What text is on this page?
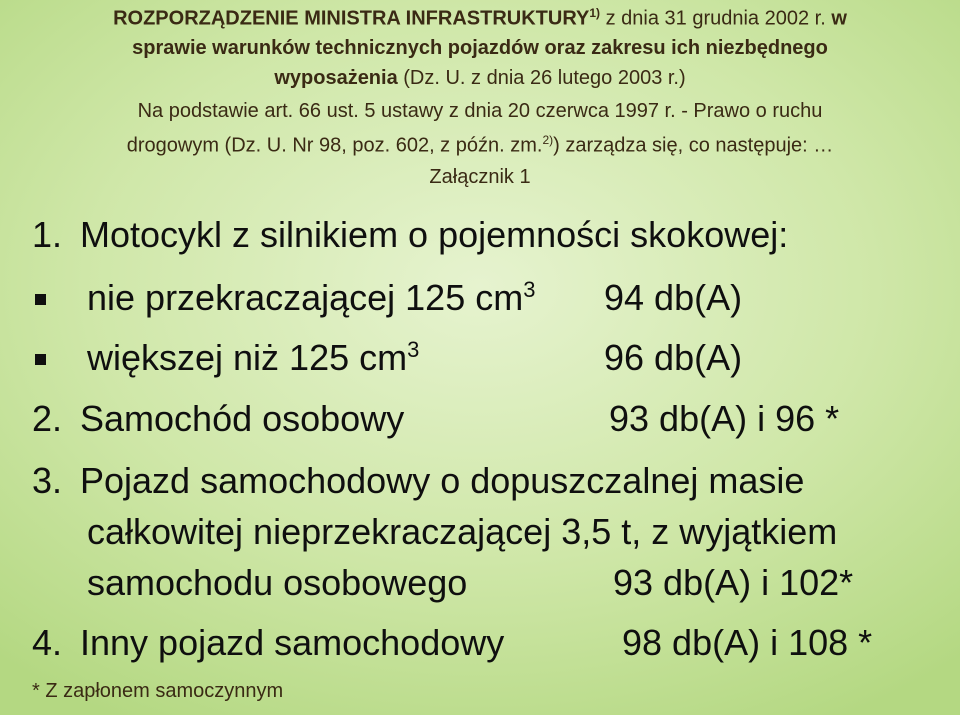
ROZPORZĄDZENIE MINISTRA INFRASTRUKTURY$^{1)}$ z dnia 31 grudnia 2002 r. w
sprawie warunków technicznych pojazdów oraz zakresu ich niezbędnego
wyposażenia (Dz. U. z dnia 26 lutego 2003 r.)
Na podstawie art. 66 ust. 5 ustawy z dnia 20 czerwca 1997 r. - Prawo o ruchu
drogowym (Dz. U. Nr 98, poz. 602, z późn. zm.$^{2)}$) zarządza się, co następuje: …
Załącznik 1
1. Motocykl z silnikiem o pojemności skokowej:
nie przekraczającej 125 $cm^3$ 94 db(A)
większej niż 125 $cm^3$	96 db(A)
2. Samochód osobowy	93 db(A) i 96 *
3. Pojazd samochodowy o dopuszczalnej masie
całkowitej nieprzekraczającej 3,5 t, z wyjątkiem
samochodu osobowego	93 db(A) i 102*
4. Inny pojazd samochodowy	98 db(A) i 108 *
* Z zapłonem samoczynnym
